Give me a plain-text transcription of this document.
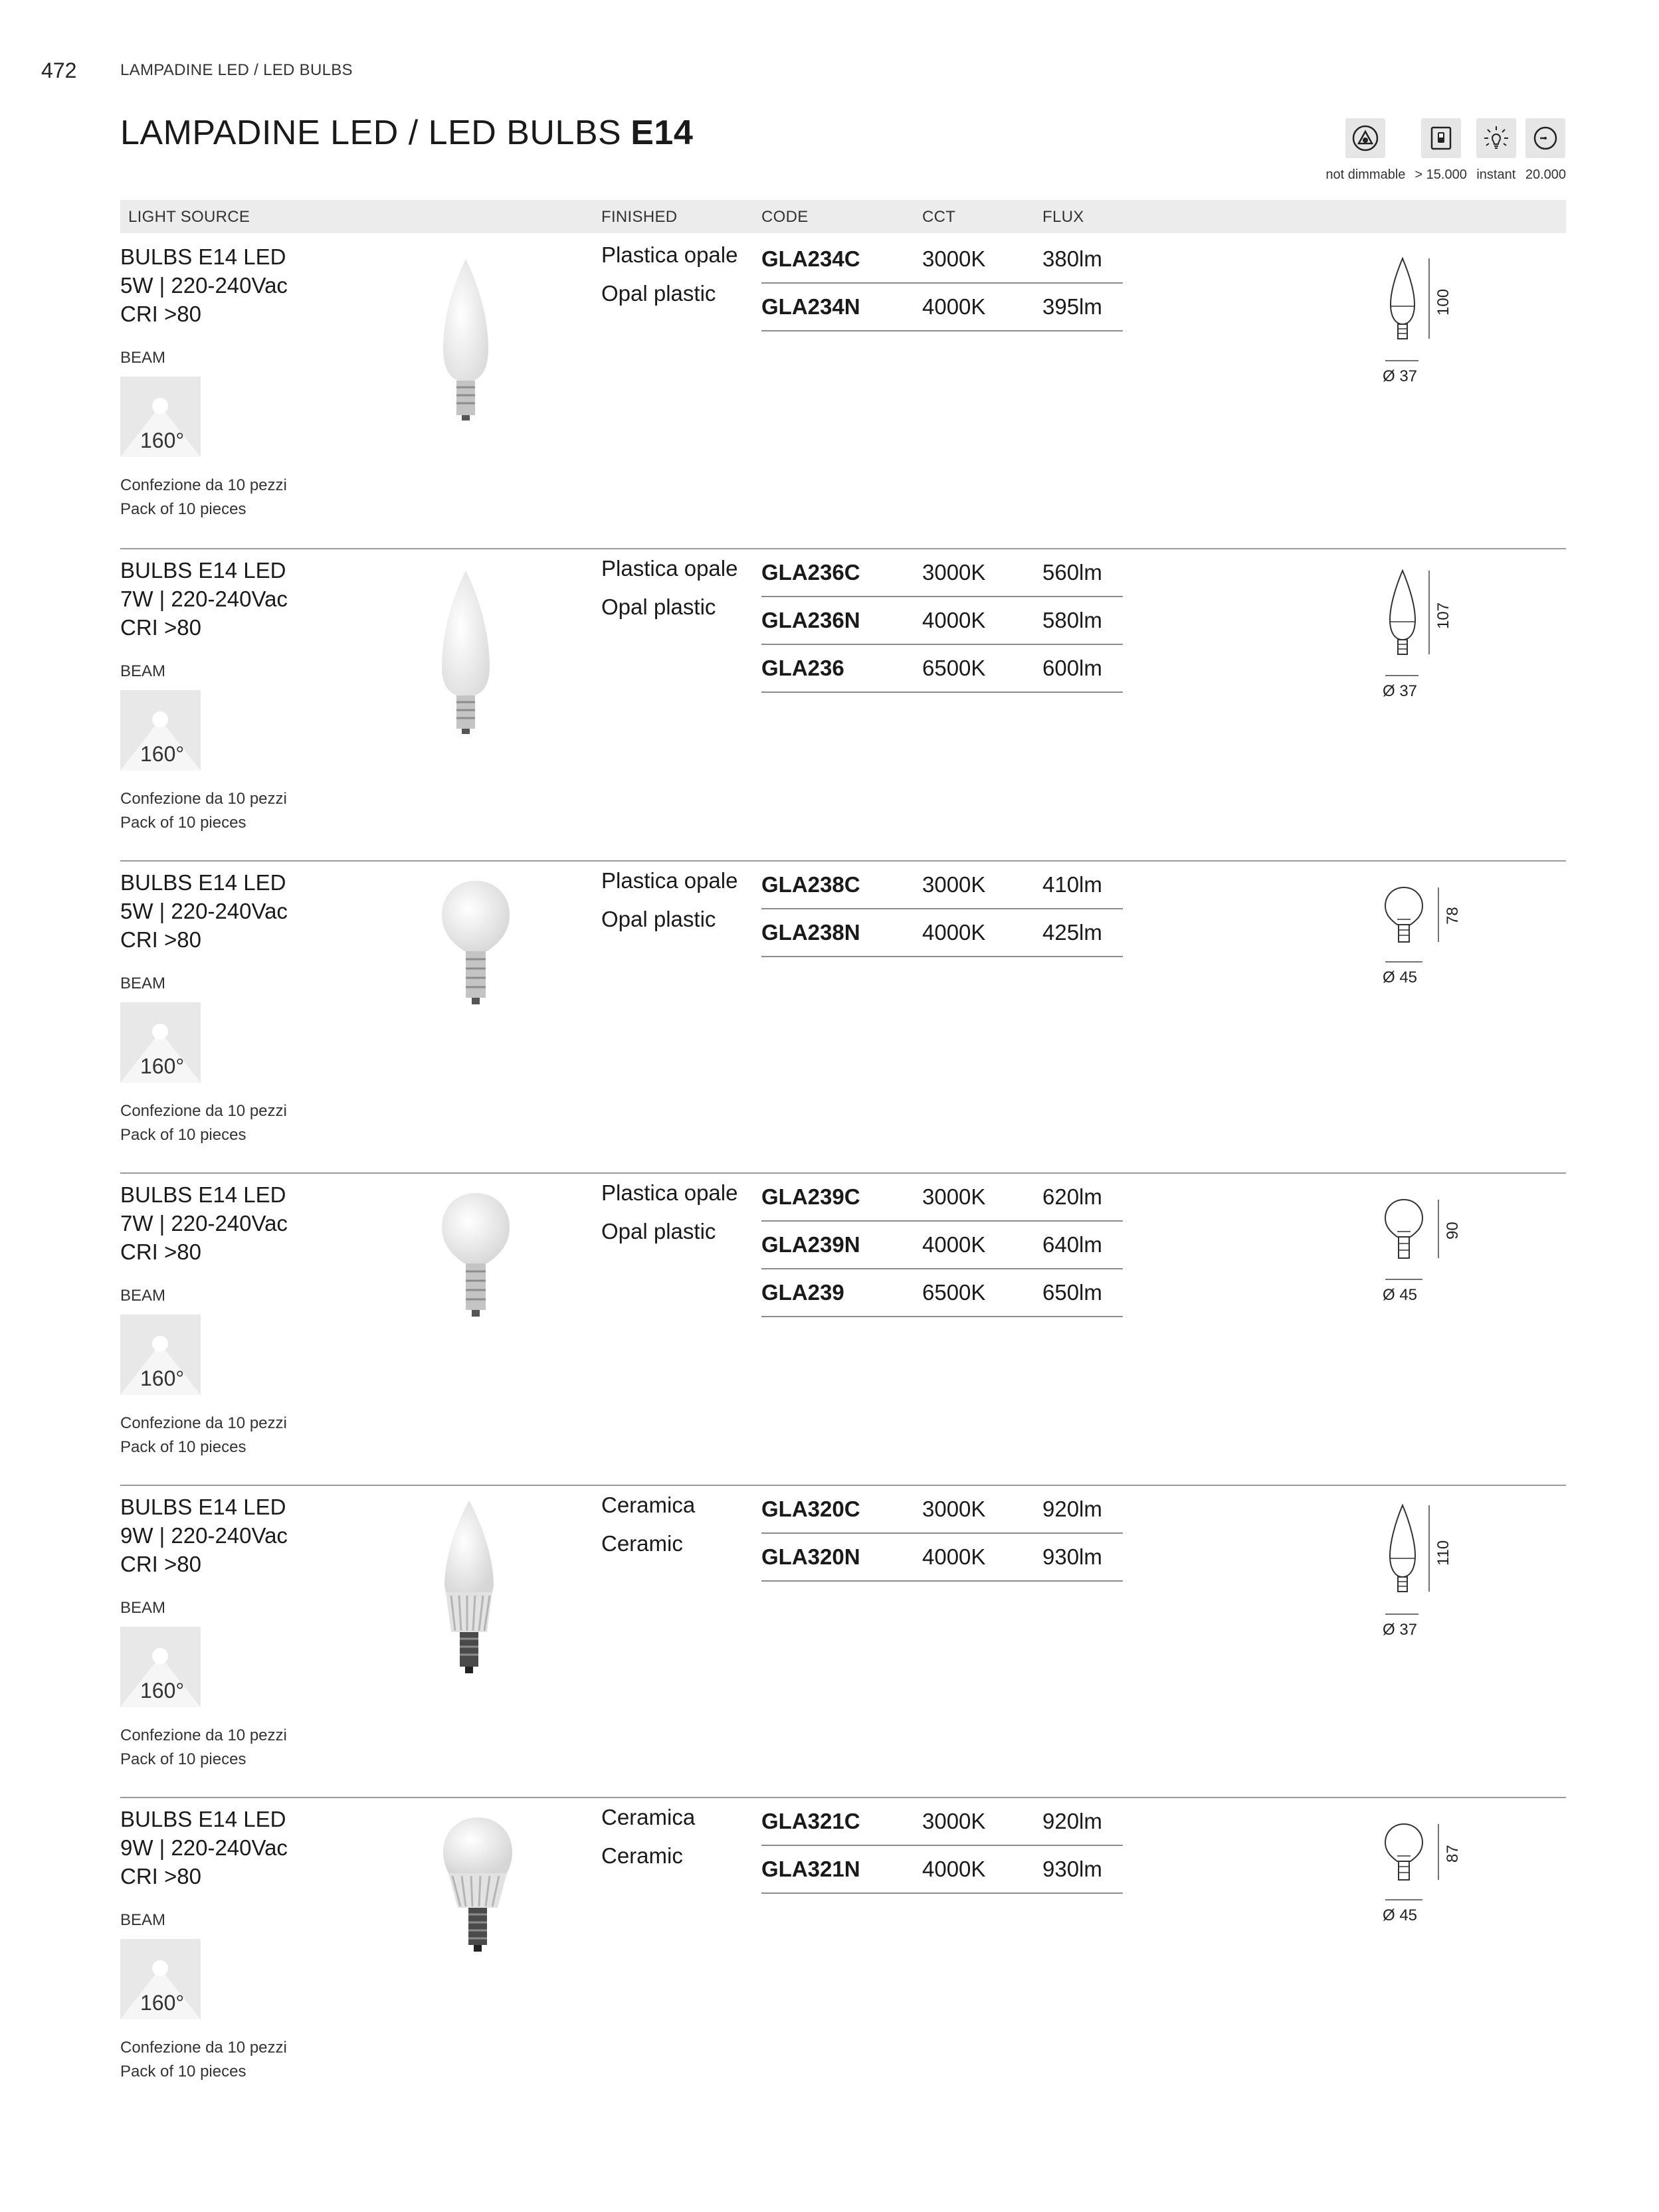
472	LAMPADINE LED / LED BULBS
LAMPADINE LED / LED BULBS E14
not dimmable > 15.000 instant 20.000
LIGHT SOURCE	FINISHED	CODE	CCT	FLUX
BULBS E14 LED
5W | 220-240Vac
CRI >80
BEAM
160°
Confezione da 10 pezzi
Pack of 10 pieces
Plastica opale
Opal plastic
GLA234C	3000K	380lm
GLA234N	4000K	395lm	100
Ø 37
BULBS E14 LED
7W | 220-240Vac
CRI >80
BEAM
160°
Confezione da 10 pezzi
Pack of 10 pieces
Plastica opale
Opal plastic
GLA236C	3000K	560lm
GLA236N	4000K	580lm
GLA236	6500K	600lm
107
Ø 37
BULBS E14 LED
5W | 220-240Vac
CRI >80
BEAM
160°
Confezione da 10 pezzi
Pack of 10 pieces
Plastica opale
Opal plastic
GLA238C	3000K	410lm
GLA238N	4000K	425lm
78
Ø 45
BULBS E14 LED
7W | 220-240Vac
CRI >80
BEAM
160°
Confezione da 10 pezzi
Pack of 10 pieces
Plastica opale
Opal plastic
GLA239C	3000K	620lm
GLA239N	4000K	640lm
GLA239	6500K	650lm
90
Ø 45
BULBS E14 LED
9W | 220-240Vac
CRI >80
BEAM
160°
Confezione da 10 pezzi
Pack of 10 pieces
Ceramica
Ceramic
GLA320C	3000K	920lm
GLA320N	4000K	930lm	110
Ø 37
BULBS E14 LED
9W | 220-240Vac
CRI >80
BEAM
160°
Confezione da 10 pezzi
Pack of 10 pieces
Ceramica
Ceramic
GLA321C	3000K	920lm
GLA321N	4000K	930lm
87
Ø 45
